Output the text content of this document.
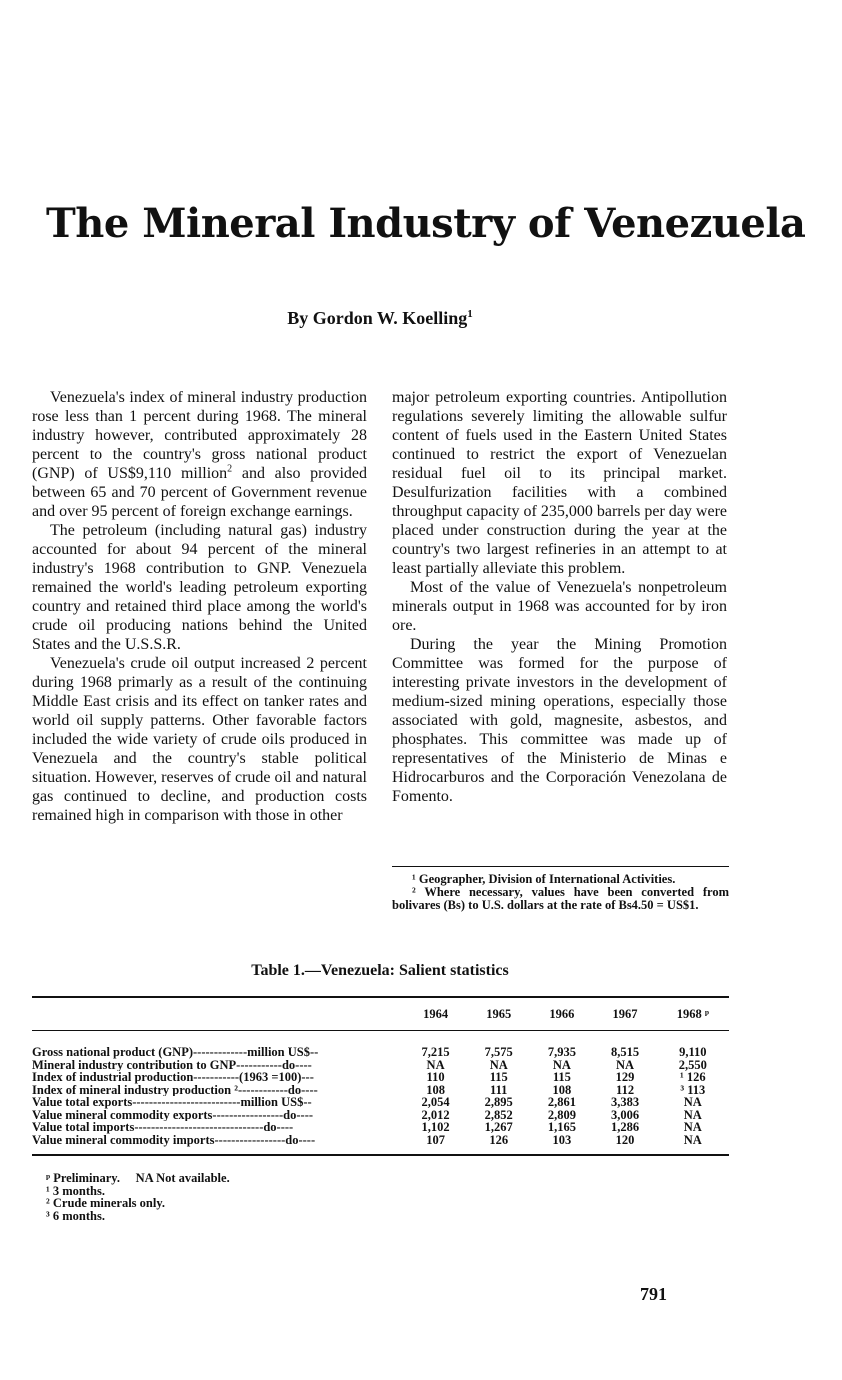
The Mineral Industry of Venezuela
By Gordon W. Koelling$^1$

Venezuela's index of mineral industry production rose less than 1 percent during 1968. The mineral industry however, contributed approximately 28 percent to the country's gross national product (GNP) of US$9,110 million$^2$ and also provided between 65 and 70 percent of Government revenue and over 95 percent of foreign exchange earnings.

The petroleum (including natural gas) industry accounted for about 94 percent of the mineral industry's 1968 contribution to GNP. Venezuela remained the world's leading petroleum exporting country and retained third place among the world's crude oil producing nations behind the United States and the U.S.S.R.

Venezuela's crude oil output increased 2 percent during 1968 primarly as a result of the continuing Middle East crisis and its effect on tanker rates and world oil supply patterns. Other favorable factors included the wide variety of crude oils produced in Venezuela and the country's stable political situation. However, reserves of crude oil and natural gas continued to decline, and production costs remained high in comparison with those in other

major petroleum exporting countries. Antipollution regulations severely limiting the allowable sulfur content of fuels used in the Eastern United States continued to restrict the export of Venezuelan residual fuel oil to its principal market. Desulfurization facilities with a combined throughput capacity of 235,000 barrels per day were placed under construction during the year at the country's two largest refineries in an attempt to at least partially alleviate this problem.

Most of the value of Venezuela's nonpetroleum minerals output in 1968 was accounted for by iron ore.

During the year the Mining Promotion Committee was formed for the purpose of interesting private investors in the development of medium-sized mining operations, especially those associated with gold, magnesite, asbestos, and phosphates. This committee was made up of representatives of the Ministerio de Minas e Hidrocarburos and the Corporación Venezolana de Fomento.

¹ Geographer, Division of International Activities.

² Where necessary, values have been converted from bolivares (Bs) to U.S. dollars at the rate of Bs4.50 = US$1.

Table 1.—Venezuela: Salient statistics
	1964	1965	1966	1967	1968 ᵖ
Gross national product (GNP)-------------million US$--	7,215	7,575	7,935	8,515	9,110
Mineral industry contribution to GNP-----------do----	NA	NA	NA	NA	2,550
Index of industrial production-----------(1963 =100)---	110	115	115	129	¹ 126
Index of mineral industry production ²------------do----	108	111	108	112	³ 113
Value total exports--------------------------million US$--	2,054	2,895	2,861	3,383	NA
Value mineral commodity exports-----------------do----	2,012	2,852	2,809	3,006	NA
Value total imports-------------------------------do----	1,102	1,267	1,165	1,286	NA
Value mineral commodity imports-----------------do----	107	126	103	120	NA

ᵖ Preliminary.     NA Not available.

¹ 3 months.

² Crude minerals only.

³ 6 months.

791
